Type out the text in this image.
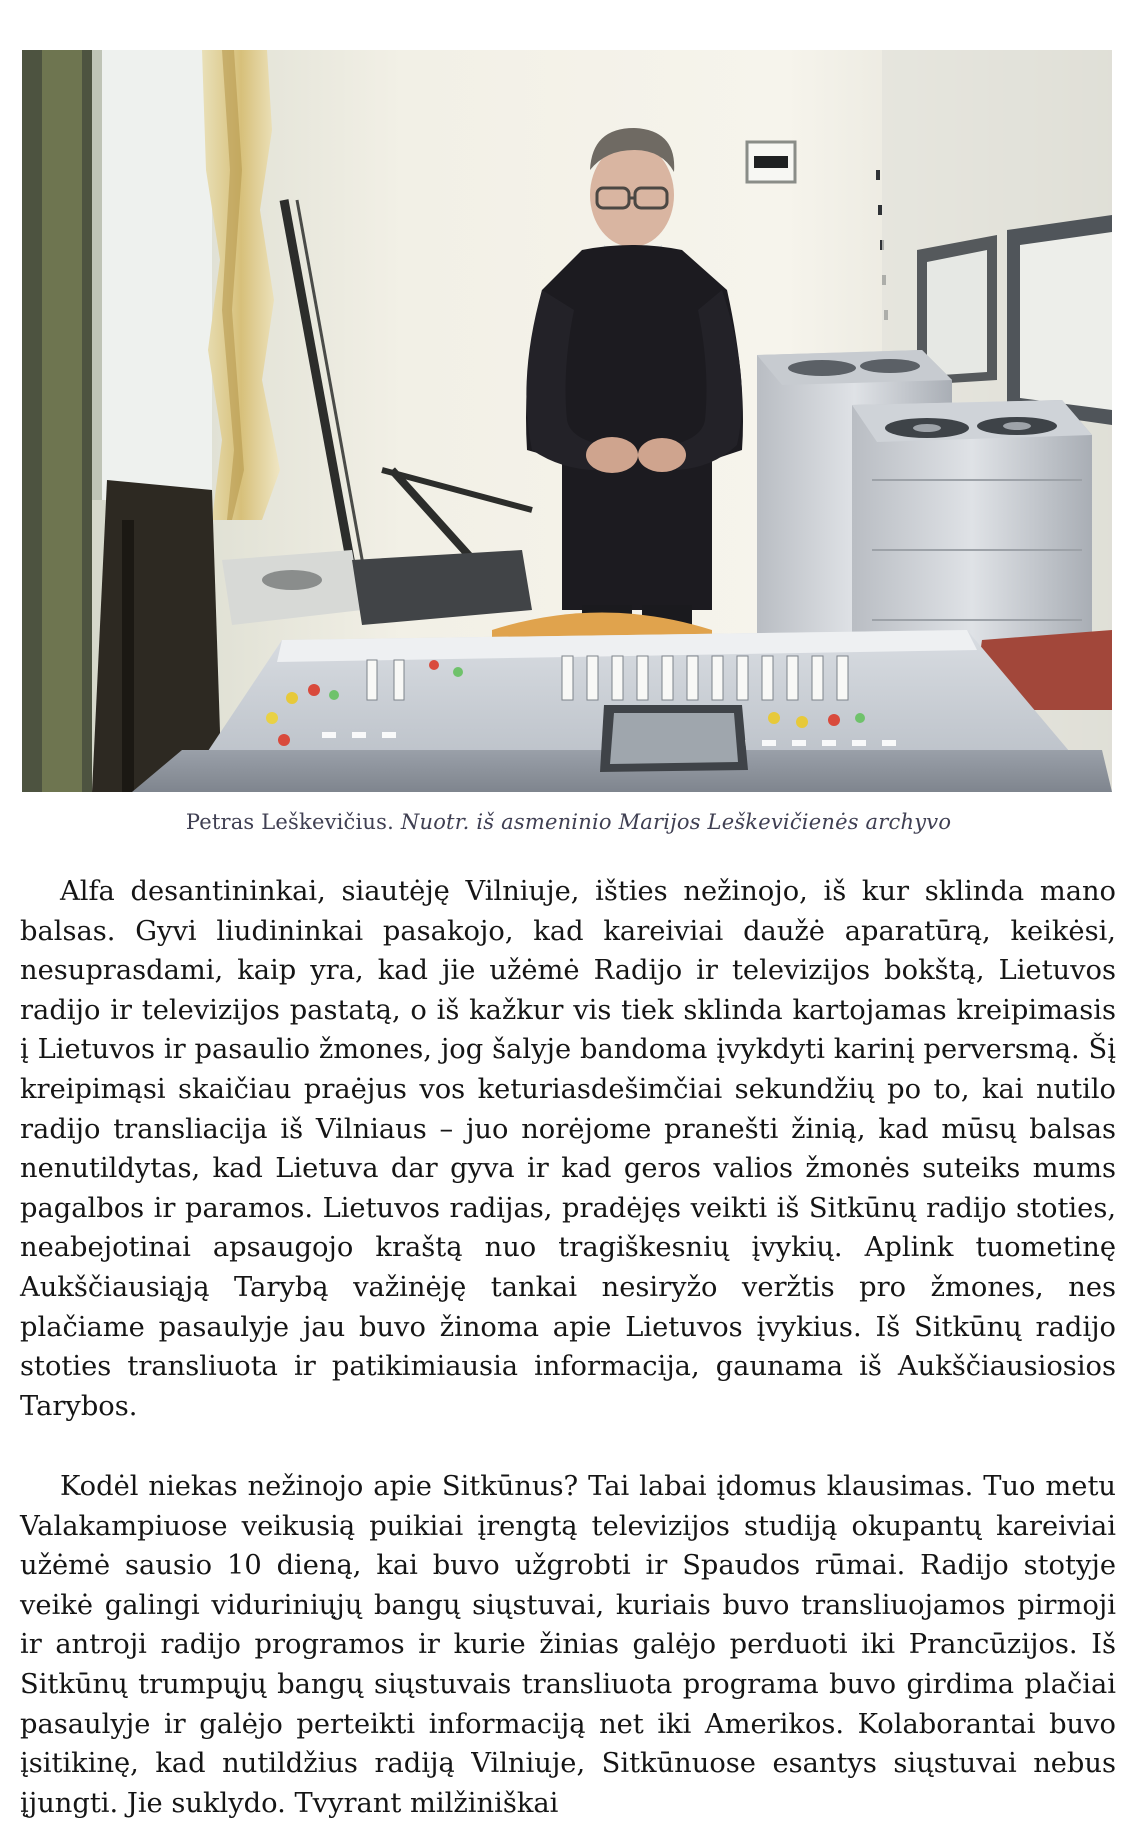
Petras Leškevičius. Nuotr. iš asmeninio Marijos Leškevičienės archyvo

Alfa desantininkai, siautėję Vilniuje, išties nežinojo, iš kur sklinda mano balsas. Gyvi liudininkai pasakojo, kad kareiviai daužė aparatūrą, keikėsi, nesuprasdami, kaip yra, kad jie užėmė Radijo ir televizijos bokštą, Lietuvos radijo ir televizijos pastatą, o iš kažkur vis tiek sklinda kartojamas kreipimasis į Lietuvos ir pasaulio žmones, jog šalyje bandoma įvykdyti karinį perversmą. Šį kreipimąsi skaičiau praėjus vos keturiasdešimčiai sekundžių po to, kai nutilo radijo transliacija iš Vilniaus – juo norėjome pranešti žinią, kad mūsų balsas nenutildytas, kad Lietuva dar gyva ir kad geros valios žmonės suteiks mums pagalbos ir paramos. Lietuvos radijas, pradėjęs veikti iš Sitkūnų radijo stoties, neabejotinai apsaugojo kraštą nuo tragiškesnių įvykių. Aplink tuometinę Aukščiausiąją Tarybą važinėję tankai nesiryžo veržtis pro žmones, nes plačiame pasaulyje jau buvo žinoma apie Lietuvos įvykius. Iš Sitkūnų radijo stoties transliuota ir patikimiausia informacija, gaunama iš Aukščiausiosios Tarybos.

Kodėl niekas nežinojo apie Sitkūnus? Tai labai įdomus klausimas. Tuo metu Valakampiuose veikusią puikiai įrengtą televizijos studiją okupantų kareiviai užėmė sausio 10 dieną, kai buvo užgrobti ir Spaudos rūmai. Radijo stotyje veikė galingi viduriniųjų bangų siųstuvai, kuriais buvo transliuojamos pirmoji ir antroji radijo programos ir kurie žinias galėjo perduoti iki Prancūzijos. Iš Sitkūnų trumpųjų bangų siųstuvais transliuota programa buvo girdima plačiai pasaulyje ir galėjo perteikti informaciją net iki Amerikos. Kolaborantai buvo įsitikinę, kad nutildžius radiją Vilniuje, Sitkūnuose esantys siųstuvai nebus įjungti. Jie suklydo. Tvyrant milžiniškai
